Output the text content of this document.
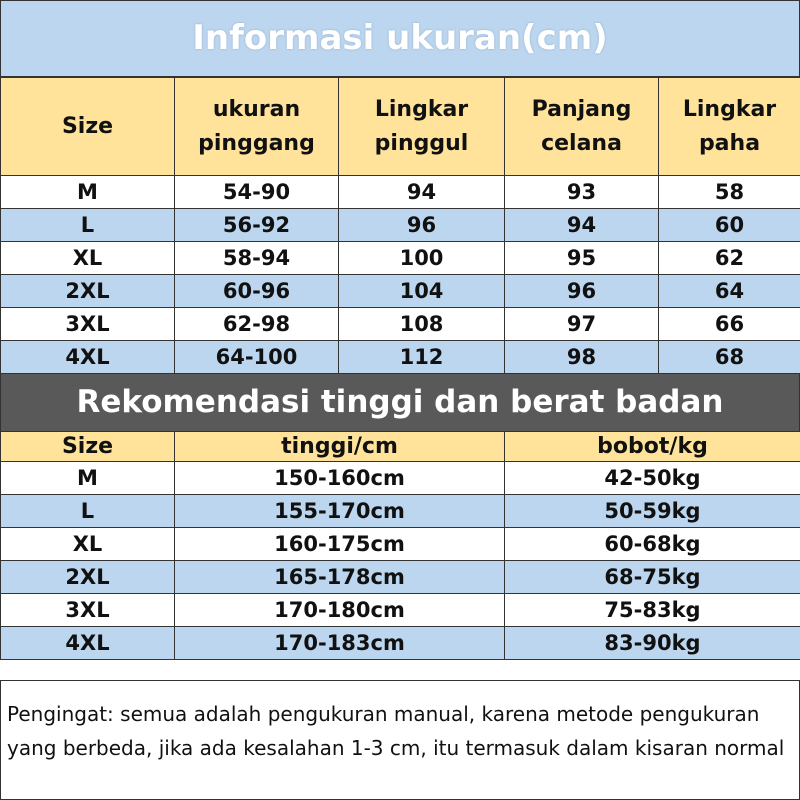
Informasi ukuran(cm)
Size	ukuran pinggang	Lingkar pinggul	Panjang celana	Lingkar paha
M	54-90	94	93	58
L	56-92	96	94	60
XL	58-94	100	95	62
2XL	60-96	104	96	64
3XL	62-98	108	97	66
4XL	64-100	112	98	68
Rekomendasi tinggi dan berat badan
Size	tinggi/cm	bobot/kg
M	150-160cm	42-50kg
L	155-170cm	50-59kg
XL	160-175cm	60-68kg
2XL	165-178cm	68-75kg
3XL	170-180cm	75-83kg
4XL	170-183cm	83-90kg
Pengingat: semua adalah pengukuran manual, karena metode pengukuran yang berbeda, jika ada kesalahan 1-3 cm, itu termasuk dalam kisaran normal
